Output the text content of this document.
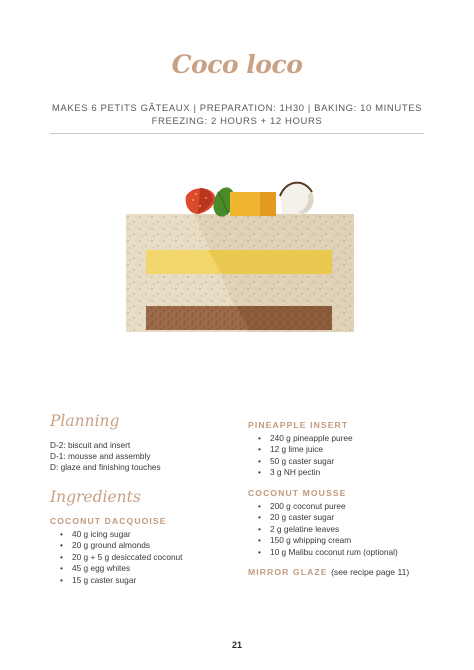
Coco loco
MAKES 6 PETITS GÂTEAUX | PREPARATION: 1H30 | BAKING: 10 MINUTES
FREEZING: 2 HOURS + 12 HOURS
Planning
D-2: biscuit and insert
D-1: mousse and assembly
D: glaze and finishing touches
Ingredients
COCONUT DACQUOISE
• 40 g icing sugar
• 20 g ground almonds
• 20 g + 5 g desiccated coconut
• 45 g egg whites
• 15 g caster sugar
PINEAPPLE INSERT
• 240 g pineapple puree
• 12 g lime juice
• 50 g caster sugar
• 3 g NH pectin
COCONUT MOUSSE
• 200 g coconut puree
• 20 g caster sugar
• 2 g gelatine leaves
• 150 g whipping cream
• 10 g Malibu coconut rum (optional)
MIRROR GLAZE (see recipe page 11)
21
